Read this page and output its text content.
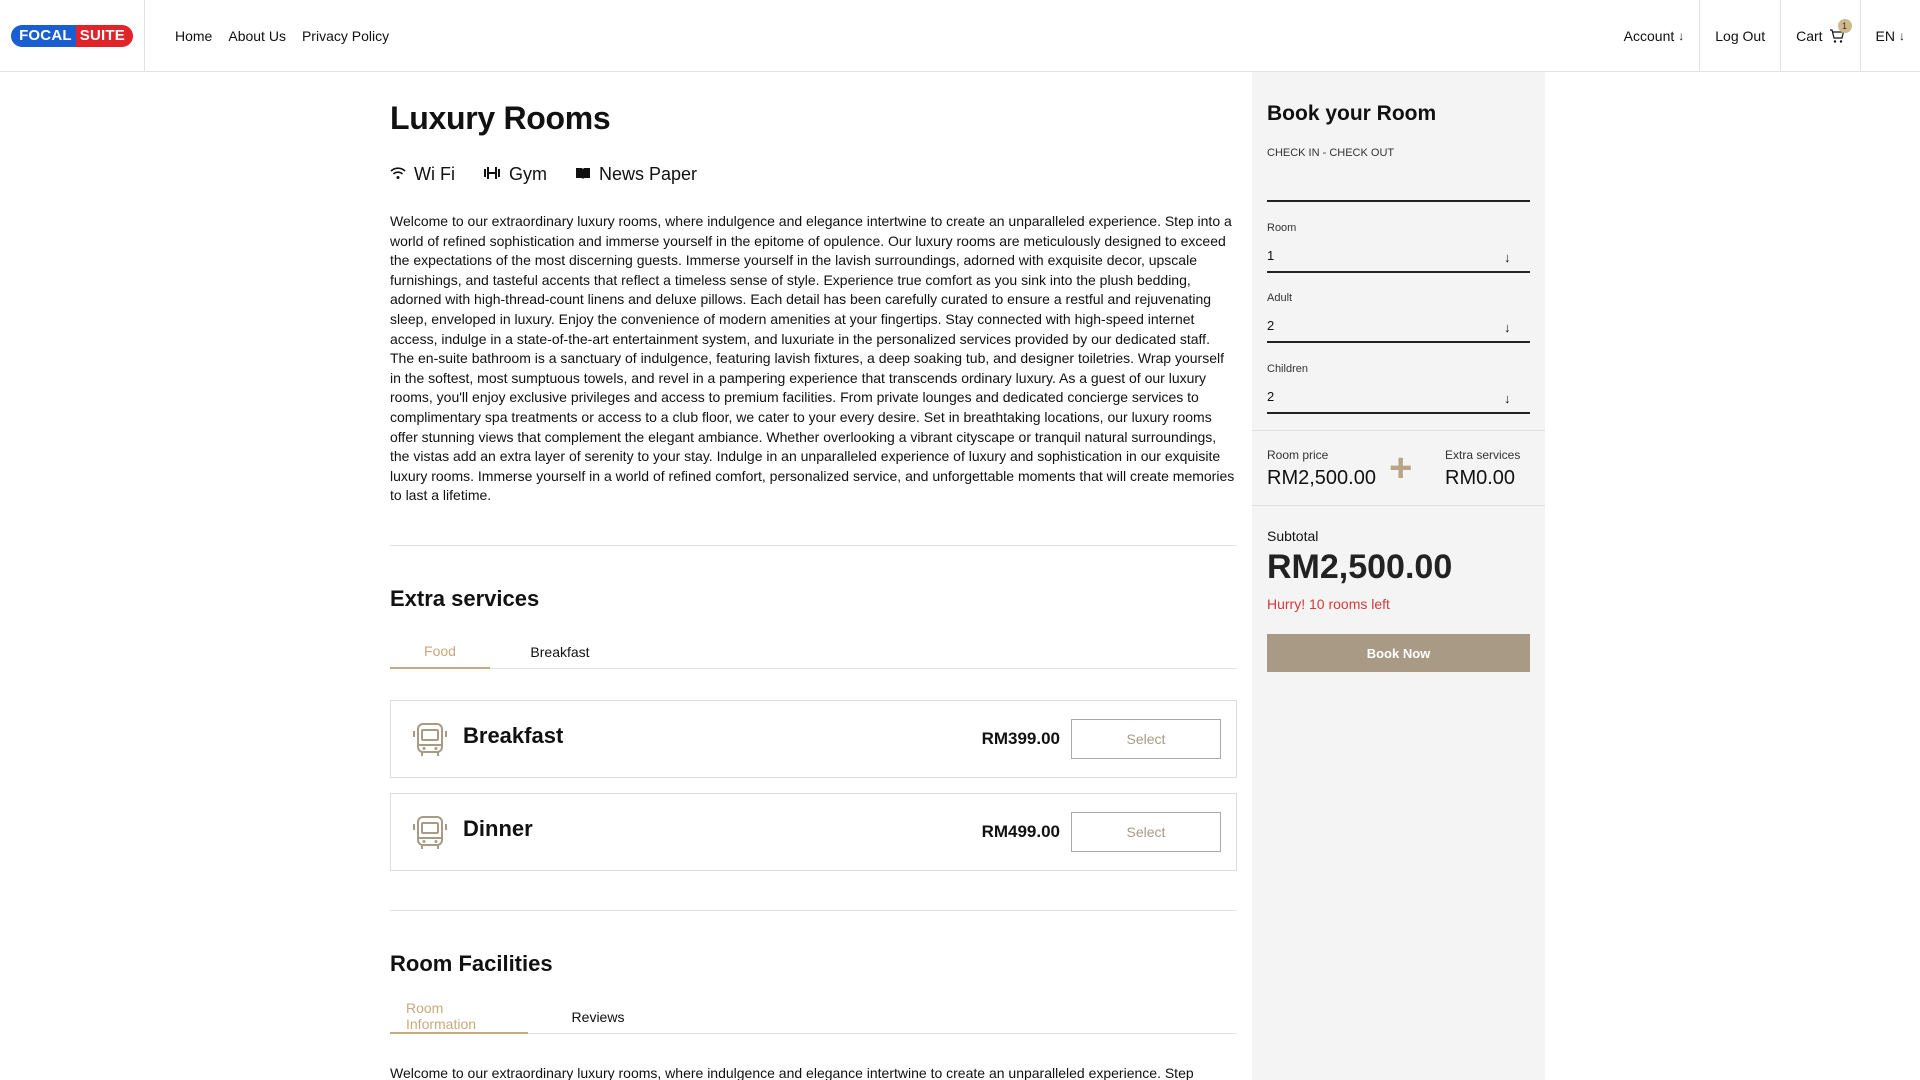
FOCAL SUITE	Home About Us Privacy Policy	Account ↓ Log Out Cart
1
EN ↓
Luxury Rooms
Wi Fi	Gym	News Paper

Welcome to our extraordinary luxury rooms, where indulgence and elegance intertwine to create an unparalleled experience. Step into a world of refined sophistication and immerse yourself in the epitome of opulence. Our luxury rooms are meticulously designed to exceed the expectations of the most discerning guests. Immerse yourself in the lavish surroundings, adorned with exquisite decor, upscale furnishings, and tasteful accents that reflect a timeless sense of style. Experience true comfort as you sink into the plush bedding, adorned with high-thread-count linens and deluxe pillows. Each detail has been carefully curated to ensure a restful and rejuvenating sleep, enveloped in luxury. Enjoy the convenience of modern amenities at your fingertips. Stay connected with high-speed internet access, indulge in a state-of-the-art entertainment system, and luxuriate in the personalized services provided by our dedicated staff. The en-suite bathroom is a sanctuary of indulgence, featuring lavish fixtures, a deep soaking tub, and designer toiletries. Wrap yourself in the softest, most sumptuous towels, and revel in a pampering experience that transcends ordinary luxury. As a guest of our luxury rooms, you'll enjoy exclusive privileges and access to premium facilities. From private lounges and dedicated concierge services to complimentary spa treatments or access to a club floor, we cater to your every desire. Set in breathtaking locations, our luxury rooms offer stunning views that complement the elegant ambiance. Whether overlooking a vibrant cityscape or tranquil natural surroundings, the vistas add an extra layer of serenity to your stay. Indulge in an unparalleled experience of luxury and sophistication in our exquisite luxury rooms. Immerse yourself in a world of refined comfort, personalized service, and unforgettable moments that will create memories to last a lifetime.

Extra services
Food	Breakfast
Breakfast	RM399.00	Select
Dinner	RM499.00	Select
Room Facilities
Room Information	Reviews

Welcome to our extraordinary luxury rooms, where indulgence and elegance intertwine to create an unparalleled experience. Step

Book your Room
CHECK IN - CHECK OUT
Room
1	↓
Adult
2	↓
Children
2	↓
Room price
RM2,500.00 +	Extra services
RM0.00
Subtotal
RM2,500.00
Hurry! 10 rooms left
Book Now
